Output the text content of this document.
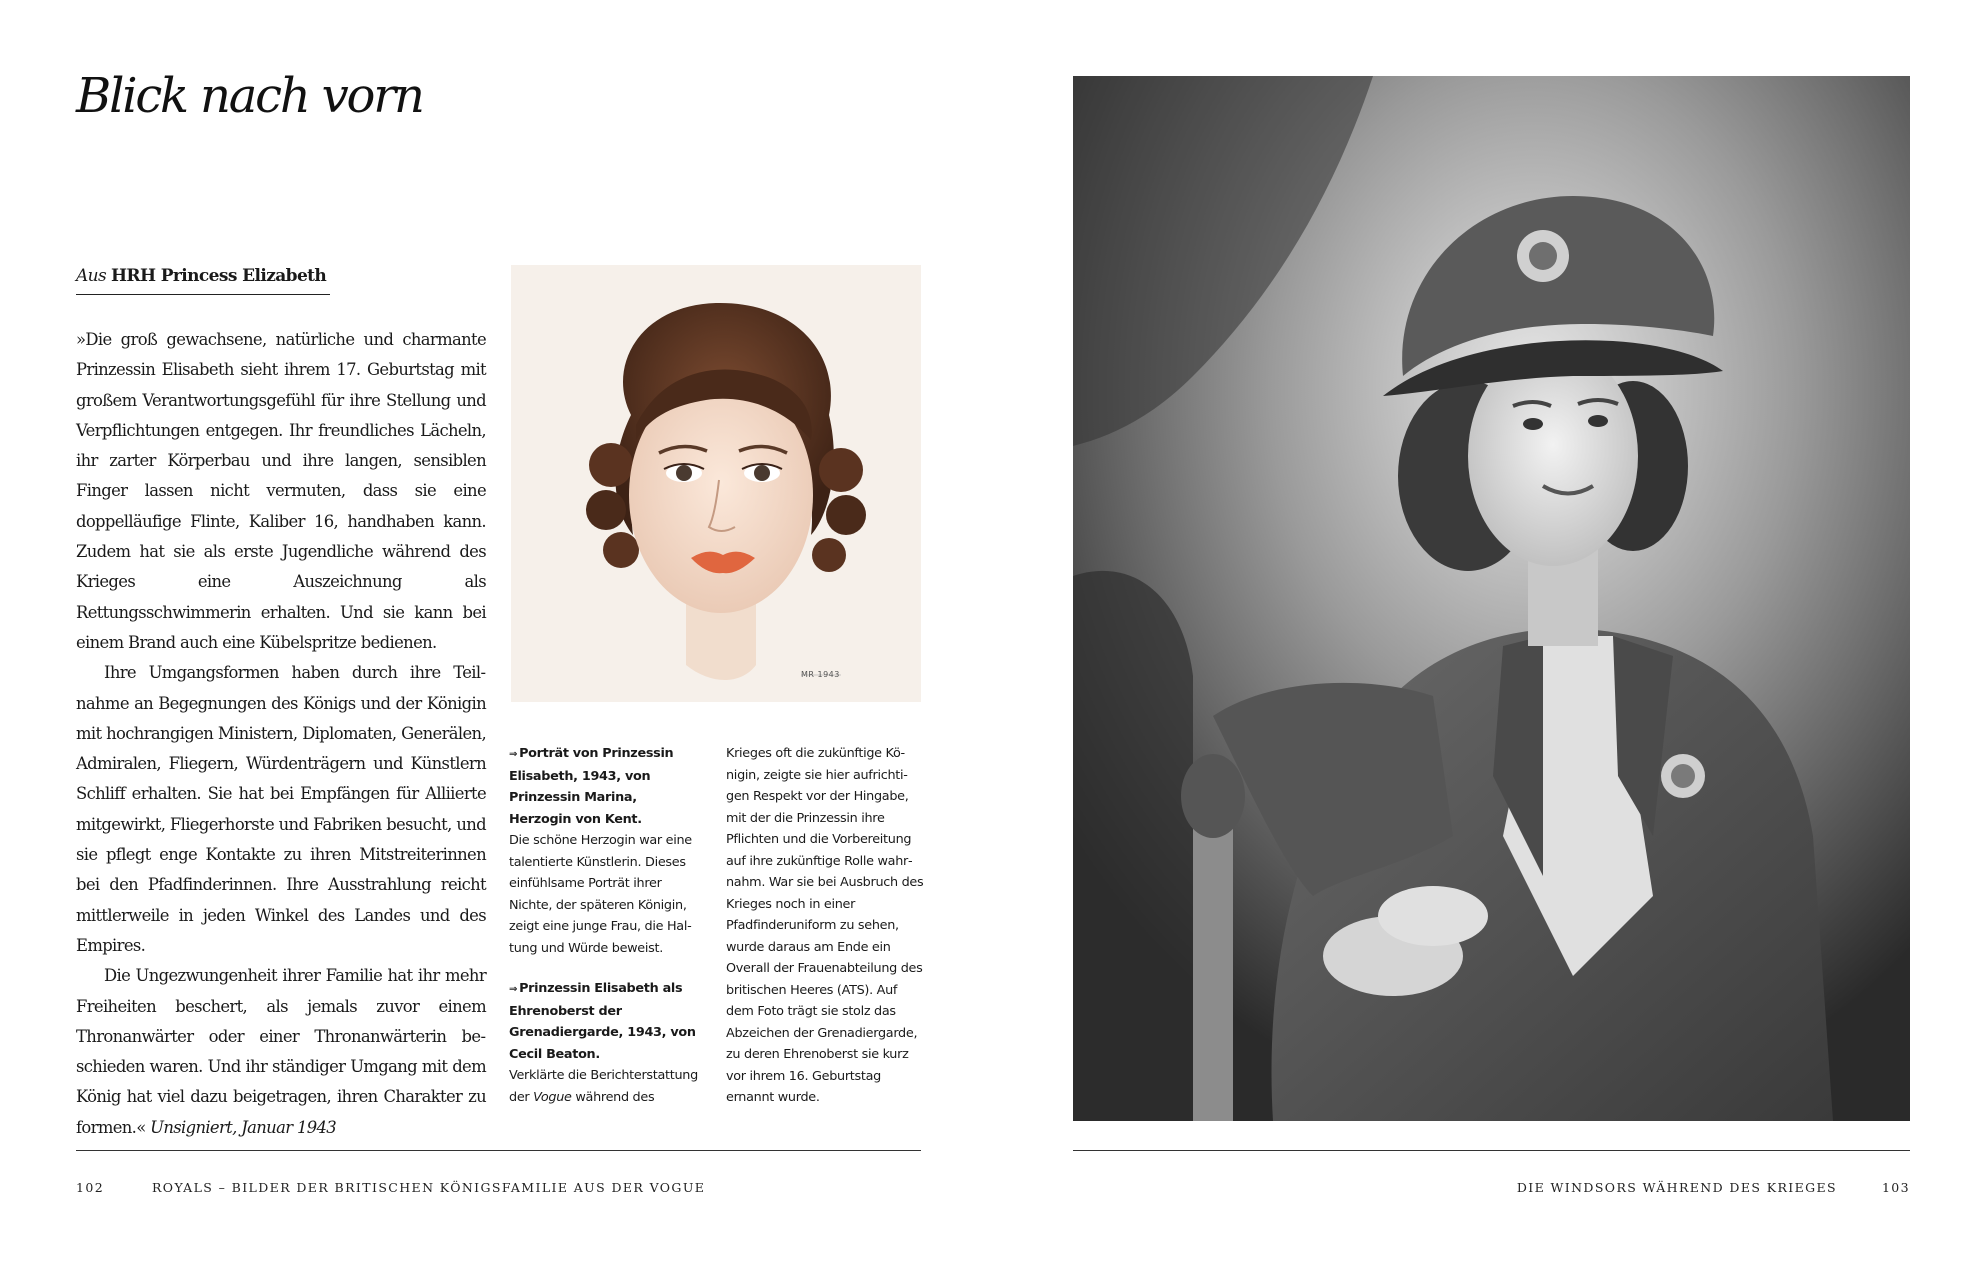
Blick nach vorn
Aus HRH Princess Elizabeth

»Die groß gewachsene, natürliche und charmante Prinzessin Elisabeth sieht ihrem 17. Geburtstag mit großem Verantwortungsgefühl für ihre Stellung und Verpflichtungen entgegen. Ihr freundliches Lächeln, ihr zarter Körperbau und ihre langen, sensiblen Finger lassen nicht vermuten, dass sie eine doppelläufige Flinte, Kaliber 16, handhaben kann. Zudem hat sie als erste Jugendliche während des Krieges eine Auszeichnung als Rettungsschwimmerin erhalten. Und sie kann bei einem Brand auch eine Kübelspritze bedienen.

Ihre Umgangsformen haben durch ihre Teilnahme an Begegnungen des Königs und der Königin mit hochrangigen Ministern, Diplomaten, Generälen, Admiralen, Fliegern, Würdenträgern und Künstlern Schliff erhalten. Sie hat bei Empfängen für Alliierte mitgewirkt, Fliegerhorste und Fabriken besucht, und sie pflegt enge Kontakte zu ihren Mitstreiterinnen bei den Pfadfinderinnen. Ihre Ausstrahlung reicht mittlerweile in jeden Winkel des Landes und des Empires.

Die Ungezwungenheit ihrer Familie hat ihr mehr Freiheiten beschert, als jemals zuvor einem Thronanwärter oder einer Thronanwärterin beschieden waren. Und ihr ständiger Umgang mit dem König hat viel dazu beigetragen, ihren Charakter zu formen.« Unsigniert, Januar 1943

MR 1943

⇒ Porträt von Prinzessin Elisabeth, 1943, von Prinzessin Marina, Herzogin von Kent.

Die schöne Herzogin war eine talentierte Künstlerin. Dieses einfühlsame Porträt ihrer Nichte, der späteren Königin, zeigt eine junge Frau, die Haltung und Würde beweist.

⇒ Prinzessin Elisabeth als Ehrenoberst der Grenadiergarde, 1943, von Cecil Beaton.

Verklärte die Berichterstattung der Vogue während des

Krieges oft die zukünftige Königin, zeigte sie hier aufrichtigen Respekt vor der Hingabe, mit der die Prinzessin ihre Pflichten und die Vorbereitung auf ihre zukünftige Rolle wahrnahm. War sie bei Ausbruch des Krieges noch in einer Pfadfinderuniform zu sehen, wurde daraus am Ende ein Overall der Frauenabteilung des britischen Heeres (ATS). Auf dem Foto trägt sie stolz das Abzeichen der Grenadiergarde, zu deren Ehrenoberst sie kurz vor ihrem 16. Geburtstag ernannt wurde.

102	ROYALS – BILDER DER BRITISCHEN KÖNIGSFAMILIE AUS DER VOGUE	DIE WINDSORS WÄHREND DES KRIEGES	103
